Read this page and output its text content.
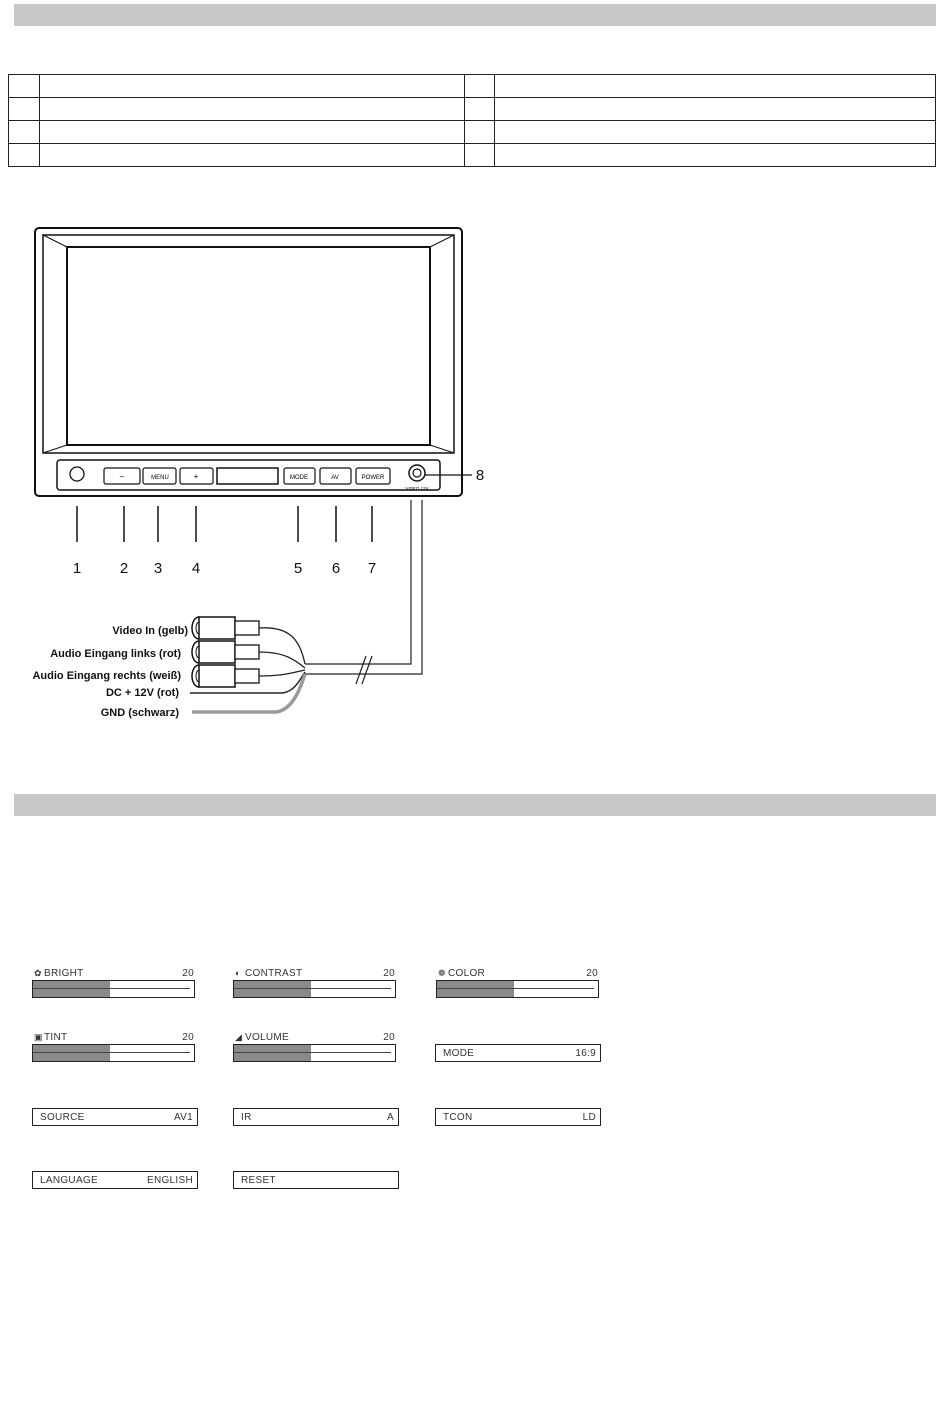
–	MENU	+	MODE	AV	POWER
VIDEO 12V
1	2 3 4	5 6 7
8
Video In (gelb)
Audio Eingang links (rot)
Audio Eingang rechts (weiß)
DC + 12V (rot)
GND (schwarz)
✿ BRIGHT	20	◐ CONTRAST	20	❁ COLOR	20
▣TINT	20	◢ VOLUME	20
MODE	16:9
SOURCE	AV1	IR	A	TCON	LD
LANGUAGE	ENGLISH	RESET
